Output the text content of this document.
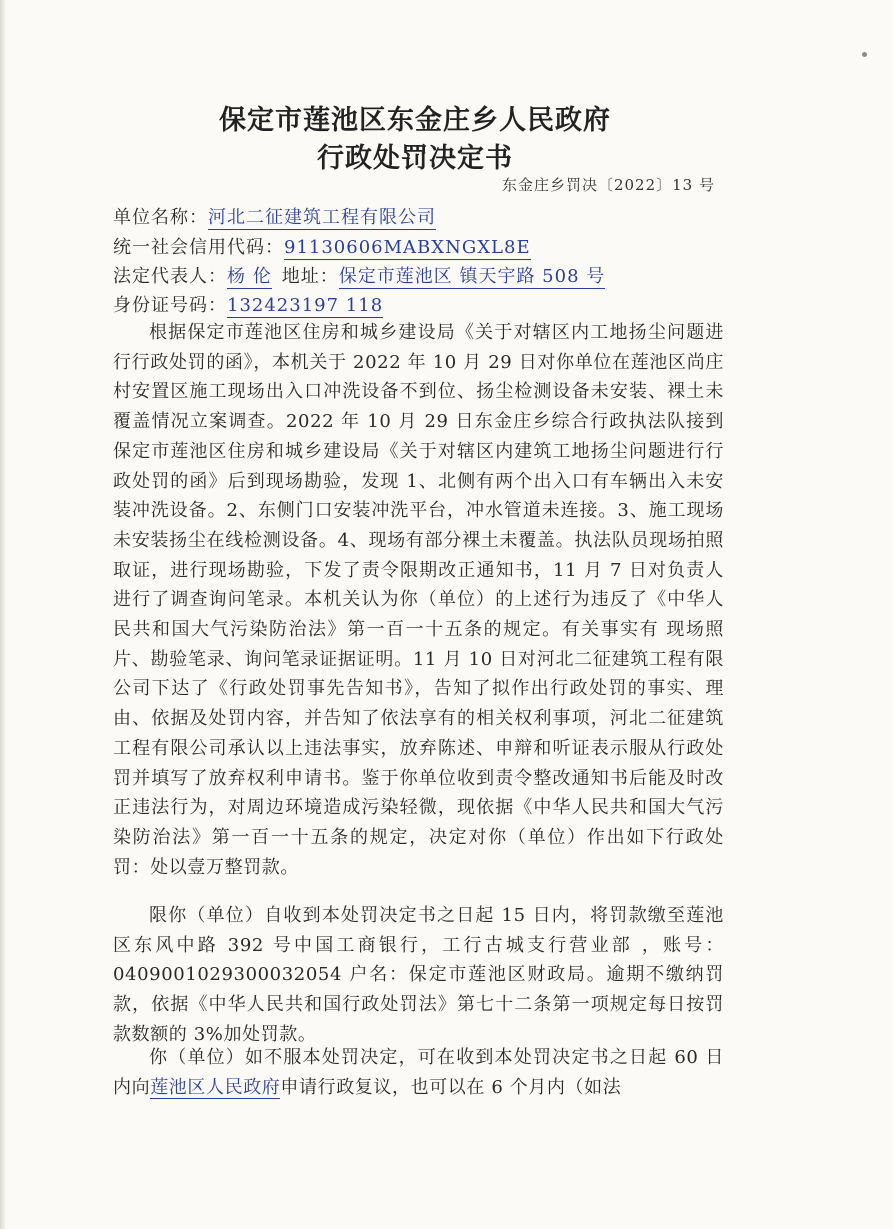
保定市莲池区东金庄乡人民政府
行政处罚决定书
东金庄乡罚决〔2022〕13 号
单位名称：河北二征建筑工程有限公司
统一社会信用代码：91130606MABXNGXL8E
法定代表人：杨 伦 地址：保定市莲池区 镇天宇路 508 号
身份证号码：132423197 118
根据保定市莲池区住房和城乡建设局《关于对辖区内工地扬尘问题进行行政处罚的函》，本机关于 2022 年 10 月 29 日对你单位在莲池区尚庄村安置区施工现场出入口冲洗设备不到位、扬尘检测设备未安装、裸土未覆盖情况立案调查。2022 年 10 月 29 日东金庄乡综合行政执法队接到保定市莲池区住房和城乡建设局《关于对辖区内建筑工地扬尘问题进行行政处罚的函》后到现场勘验，发现 1、北侧有两个出入口有车辆出入未安装冲洗设备。2、东侧门口安装冲洗平台，冲水管道未连接。3、施工现场未安装扬尘在线检测设备。4、现场有部分裸土未覆盖。执法队员现场拍照取证，进行现场勘验，下发了责令限期改正通知书，11 月 7 日对负责人进行了调查询问笔录。本机关认为你（单位）的上述行为违反了《中华人民共和国大气污染防治法》第一百一十五条的规定。有关事实有 现场照片、勘验笔录、询问笔录证据证明。11 月 10 日对河北二征建筑工程有限公司下达了《行政处罚事先告知书》，告知了拟作出行政处罚的事实、理由、依据及处罚内容，并告知了依法享有的相关权利事项，河北二征建筑工程有限公司承认以上违法事实，放弃陈述、申辩和听证表示服从行政处罚并填写了放弃权利申请书。鉴于你单位收到责令整改通知书后能及时改正违法行为，对周边环境造成污染轻微，现依据《中华人民共和国大气污染防治法》第一百一十五条的规定，决定对你（单位）作出如下行政处罚：处以壹万整罚款。
限你（单位）自收到本处罚决定书之日起 15 日内，将罚款缴至莲池区东风中路 392 号中国工商银行，工行古城支行营业部 ，账号：0409001029300032054 户名：保定市莲池区财政局。逾期不缴纳罚款，依据《中华人民共和国行政处罚法》第七十二条第一项规定每日按罚款数额的 3%加处罚款。
你（单位）如不服本处罚决定，可在收到本处罚决定书之日起 60 日内向莲池区人民政府申请行政复议，也可以在 6 个月内（如法
